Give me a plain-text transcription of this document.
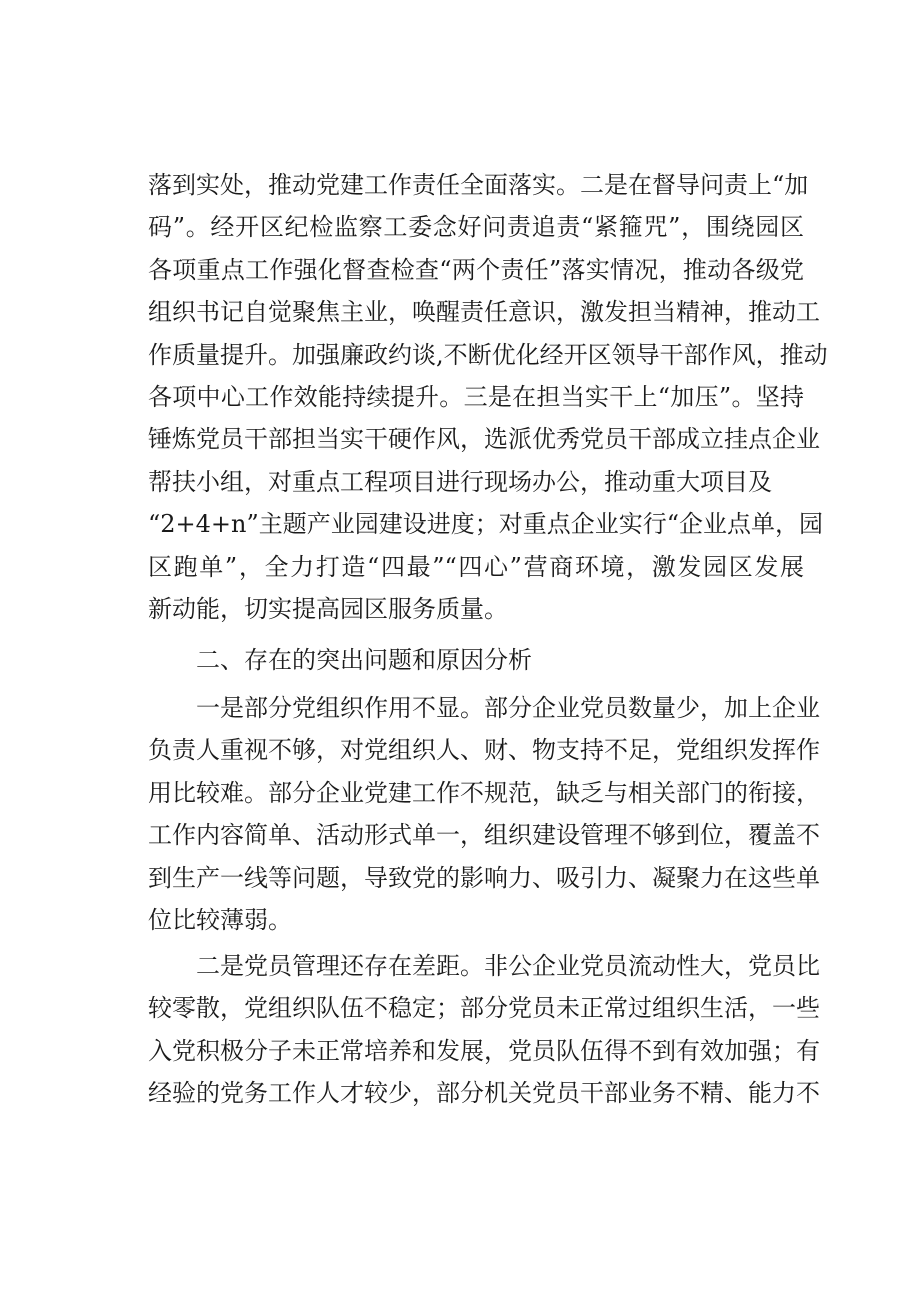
落到实处，推动党建工作责任全面落实。二是在督导问责上“加
码”。经开区纪检监察工委念好问责追责“紧箍咒”，围绕园区
各项重点工作强化督查检查“两个责任”落实情况，推动各级党
组织书记自觉聚焦主业，唤醒责任意识，激发担当精神，推动工
作质量提升。加强廉政约谈,不断优化经开区领导干部作风，推动
各项中心工作效能持续提升。三是在担当实干上“加压”。坚持
锤炼党员干部担当实干硬作风，选派优秀党员干部成立挂点企业
帮扶小组，对重点工程项目进行现场办公，推动重大项目及
“2+4+n”主题产业园建设进度；对重点企业实行“企业点单，园
区跑单”，全力打造“四最”“四心”营商环境，激发园区发展
新动能，切实提高园区服务质量。

二、存在的突出问题和原因分析

一是部分党组织作用不显。部分企业党员数量少，加上企业
负责人重视不够，对党组织人、财、物支持不足，党组织发挥作
用比较难。部分企业党建工作不规范，缺乏与相关部门的衔接，
工作内容简单、活动形式单一，组织建设管理不够到位，覆盖不
到生产一线等问题，导致党的影响力、吸引力、凝聚力在这些单
位比较薄弱。

二是党员管理还存在差距。非公企业党员流动性大，党员比
较零散，党组织队伍不稳定；部分党员未正常过组织生活，一些
入党积极分子未正常培养和发展，党员队伍得不到有效加强；有
经验的党务工作人才较少，部分机关党员干部业务不精、能力不
